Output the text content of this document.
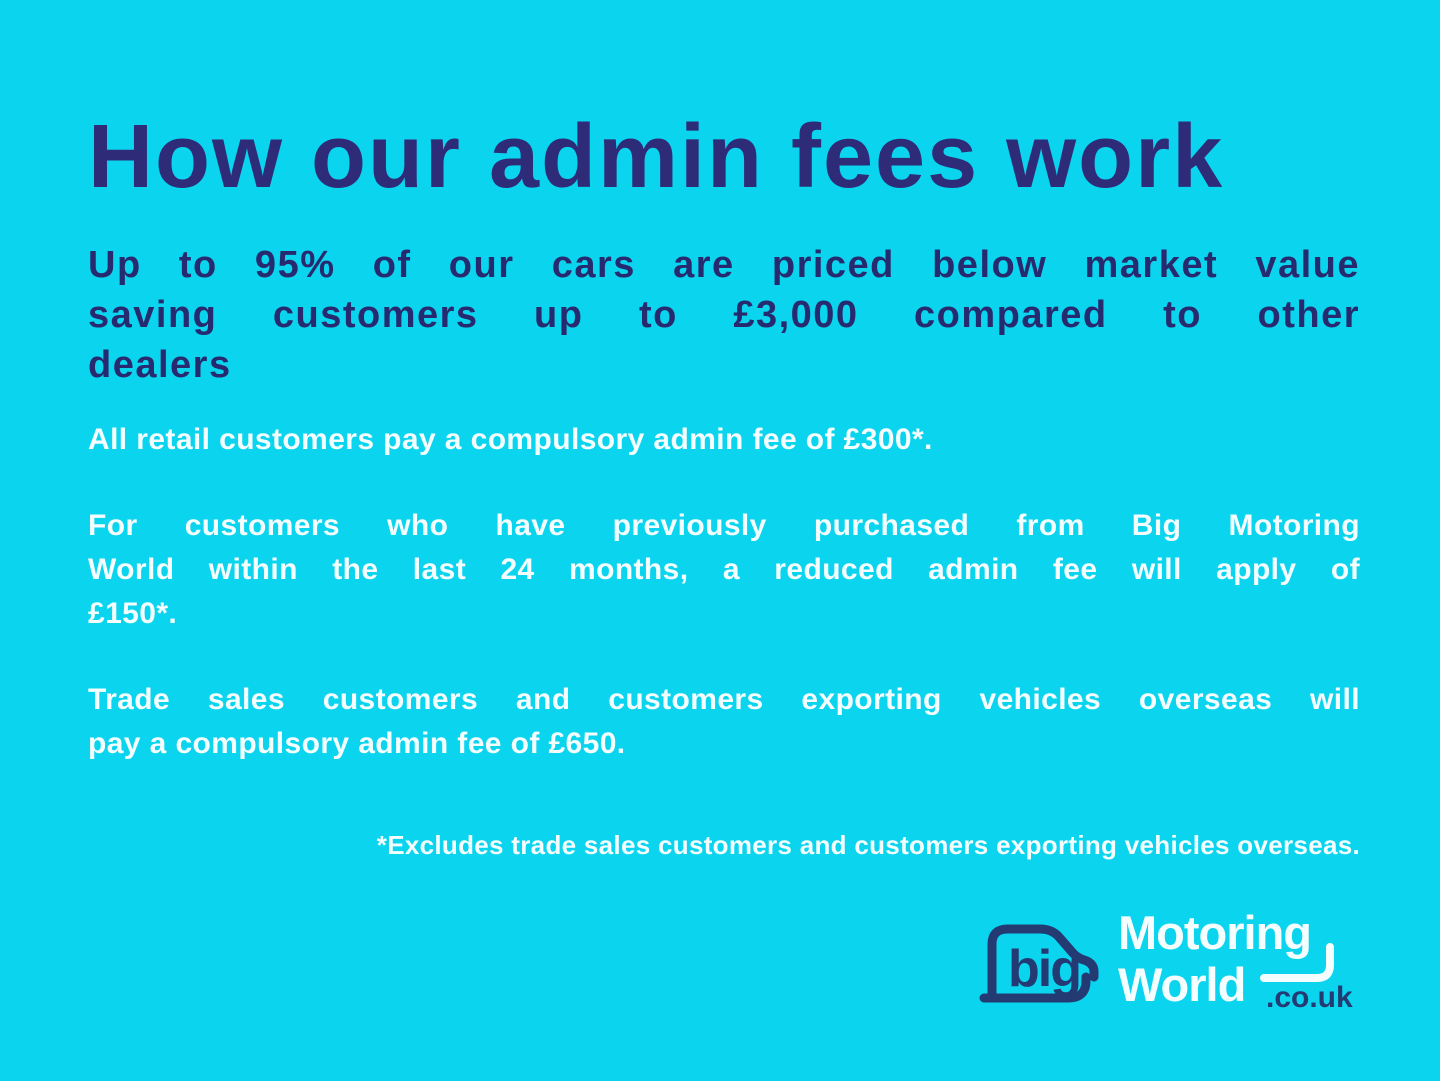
How our admin fees work
Up to 95% of our cars are priced below market value
saving customers up to £3,000 compared to other
dealers
All retail customers pay a compulsory admin fee of £300*.
For customers who have previously purchased from Big Motoring
World within the last 24 months, a reduced admin fee will apply of
£150*.
Trade sales customers and customers exporting vehicles overseas will
pay a compulsory admin fee of £650.
*Excludes trade sales customers and customers exporting vehicles overseas.
big
Motoring
World .co.uk
